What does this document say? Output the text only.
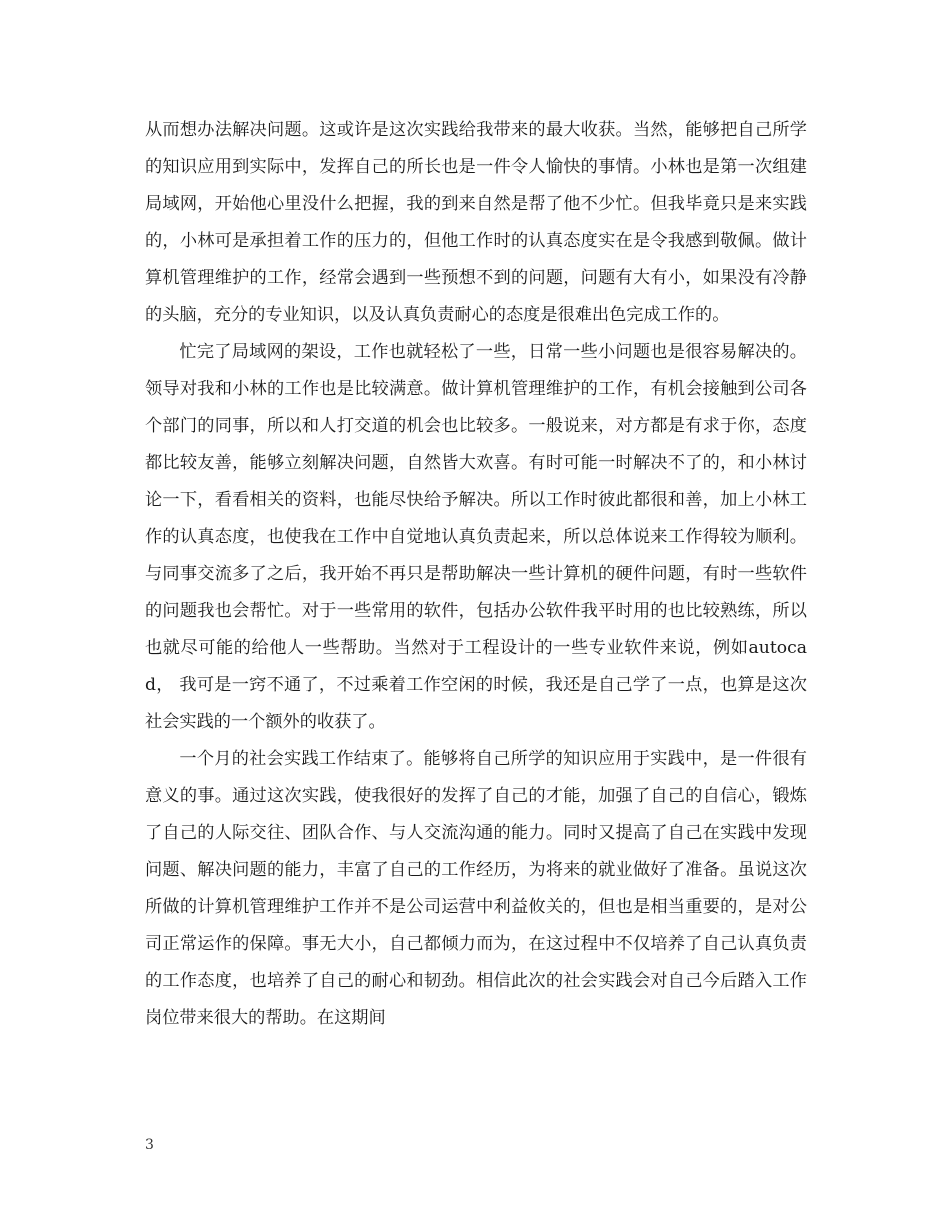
从而想办法解决问题。这或许是这次实践给我带来的最大收获。当然，能够把自己所学的知识应用到实际中，发挥自己的所长也是一件令人愉快的事情。小林也是第一次组建局域网，开始他心里没什么把握，我的到来自然是帮了他不少忙。但我毕竟只是来实践的，小林可是承担着工作的压力的，但他工作时的认真态度实在是令我感到敬佩。做计算机管理维护的工作，经常会遇到一些预想不到的问题，问题有大有小，如果没有冷静的头脑，充分的专业知识，以及认真负责耐心的态度是很难出色完成工作的。

忙完了局域网的架设，工作也就轻松了一些，日常一些小问题也是很容易解决的。领导对我和小林的工作也是比较满意。做计算机管理维护的工作，有机会接触到公司各个部门的同事，所以和人打交道的机会也比较多。一般说来，对方都是有求于你，态度都比较友善，能够立刻解决问题，自然皆大欢喜。有时可能一时解决不了的，和小林讨论一下，看看相关的资料，也能尽快给予解决。所以工作时彼此都很和善，加上小林工作的认真态度，也使我在工作中自觉地认真负责起来，所以总体说来工作得较为顺利。与同事交流多了之后，我开始不再只是帮助解决一些计算机的硬件问题，有时一些软件的问题我也会帮忙。对于一些常用的软件，包括办公软件我平时用的也比较熟练，所以也就尽可能的给他人一些帮助。当然对于工程设计的一些专业软件来说，例如autocad， 我可是一窍不通了，不过乘着工作空闲的时候，我还是自己学了一点，也算是这次社会实践的一个额外的收获了。

一个月的社会实践工作结束了。能够将自己所学的知识应用于实践中，是一件很有意义的事。通过这次实践，使我很好的发挥了自己的才能，加强了自己的自信心，锻炼了自己的人际交往、团队合作、与人交流沟通的能力。同时又提高了自己在实践中发现问题、解决问题的能力，丰富了自己的工作经历，为将来的就业做好了准备。虽说这次所做的计算机管理维护工作并不是公司运营中利益攸关的，但也是相当重要的，是对公司正常运作的保障。事无大小，自己都倾力而为，在这过程中不仅培养了自己认真负责的工作态度，也培养了自己的耐心和韧劲。相信此次的社会实践会对自己今后踏入工作岗位带来很大的帮助。在这期间

3
